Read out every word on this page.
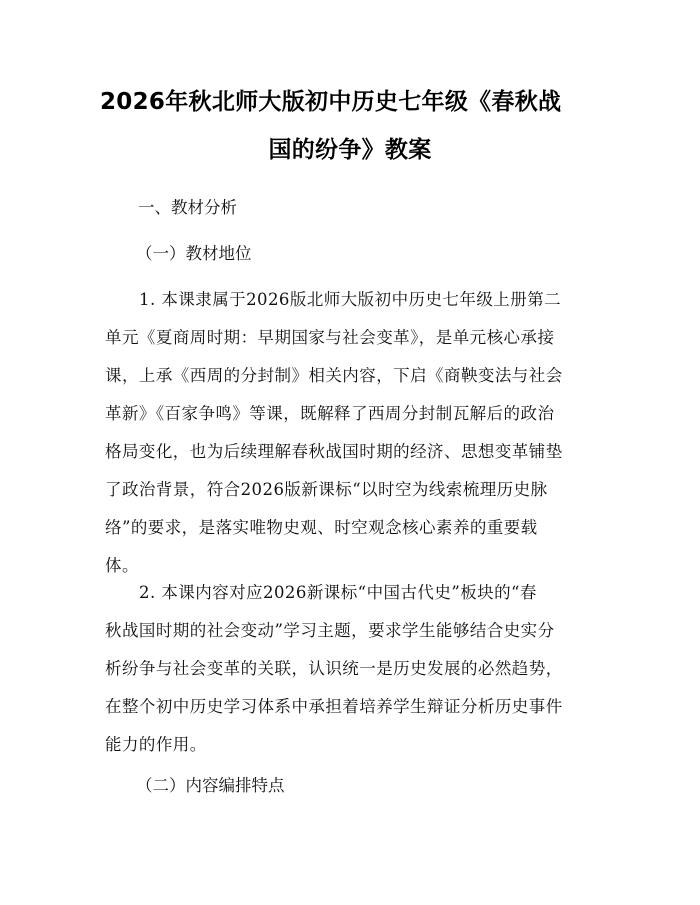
2026年秋北师大版初中历史七年级《春秋战
国的纷争》教案
一、教材分析
（一）教材地位
1. 本课隶属于2026版北师大版初中历史七年级上册第二
单元《夏商周时期：早期国家与社会变革》，是单元核心承接
课，上承《西周的分封制》相关内容，下启《商鞅变法与社会
革新》《百家争鸣》等课，既解释了西周分封制瓦解后的政治
格局变化，也为后续理解春秋战国时期的经济、思想变革铺垫
了政治背景，符合2026版新课标“以时空为线索梳理历史脉
络”的要求，是落实唯物史观、时空观念核心素养的重要载
体。
2. 本课内容对应2026新课标“中国古代史”板块的“春
秋战国时期的社会变动”学习主题，要求学生能够结合史实分
析纷争与社会变革的关联，认识统一是历史发展的必然趋势，
在整个初中历史学习体系中承担着培养学生辩证分析历史事件
能力的作用。
（二）内容编排特点
